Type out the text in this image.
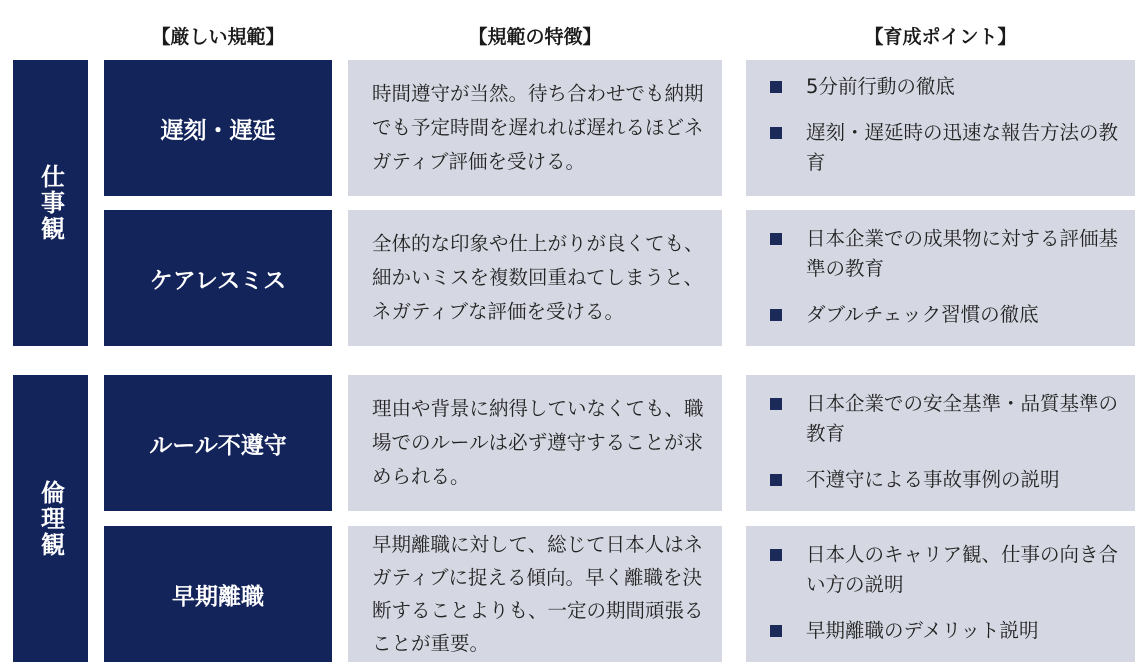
【厳しい規範】	【規範の特徴】	【育成ポイント】
仕事観
倫理観
遅刻・遅延
時間遵守が当然。待ち合わせでも納期でも予定時間を遅れれば遅れるほどネガティブ評価を受ける。
5分前行動の徹底
遅刻・遅延時の迅速な報告方法の教育
ケアレスミス
全体的な印象や仕上がりが良くても、細かいミスを複数回重ねてしまうと、ネガティブな評価を受ける。
日本企業での成果物に対する評価基準の教育
ダブルチェック習慣の徹底
ルール不遵守
理由や背景に納得していなくても、職場でのルールは必ず遵守することが求められる。
日本企業での安全基準・品質基準の教育
不遵守による事故事例の説明
早期離職
早期離職に対して、総じて日本人はネガティブに捉える傾向。早く離職を決断することよりも、一定の期間頑張ることが重要。
日本人のキャリア観、仕事の向き合い方の説明
早期離職のデメリット説明
